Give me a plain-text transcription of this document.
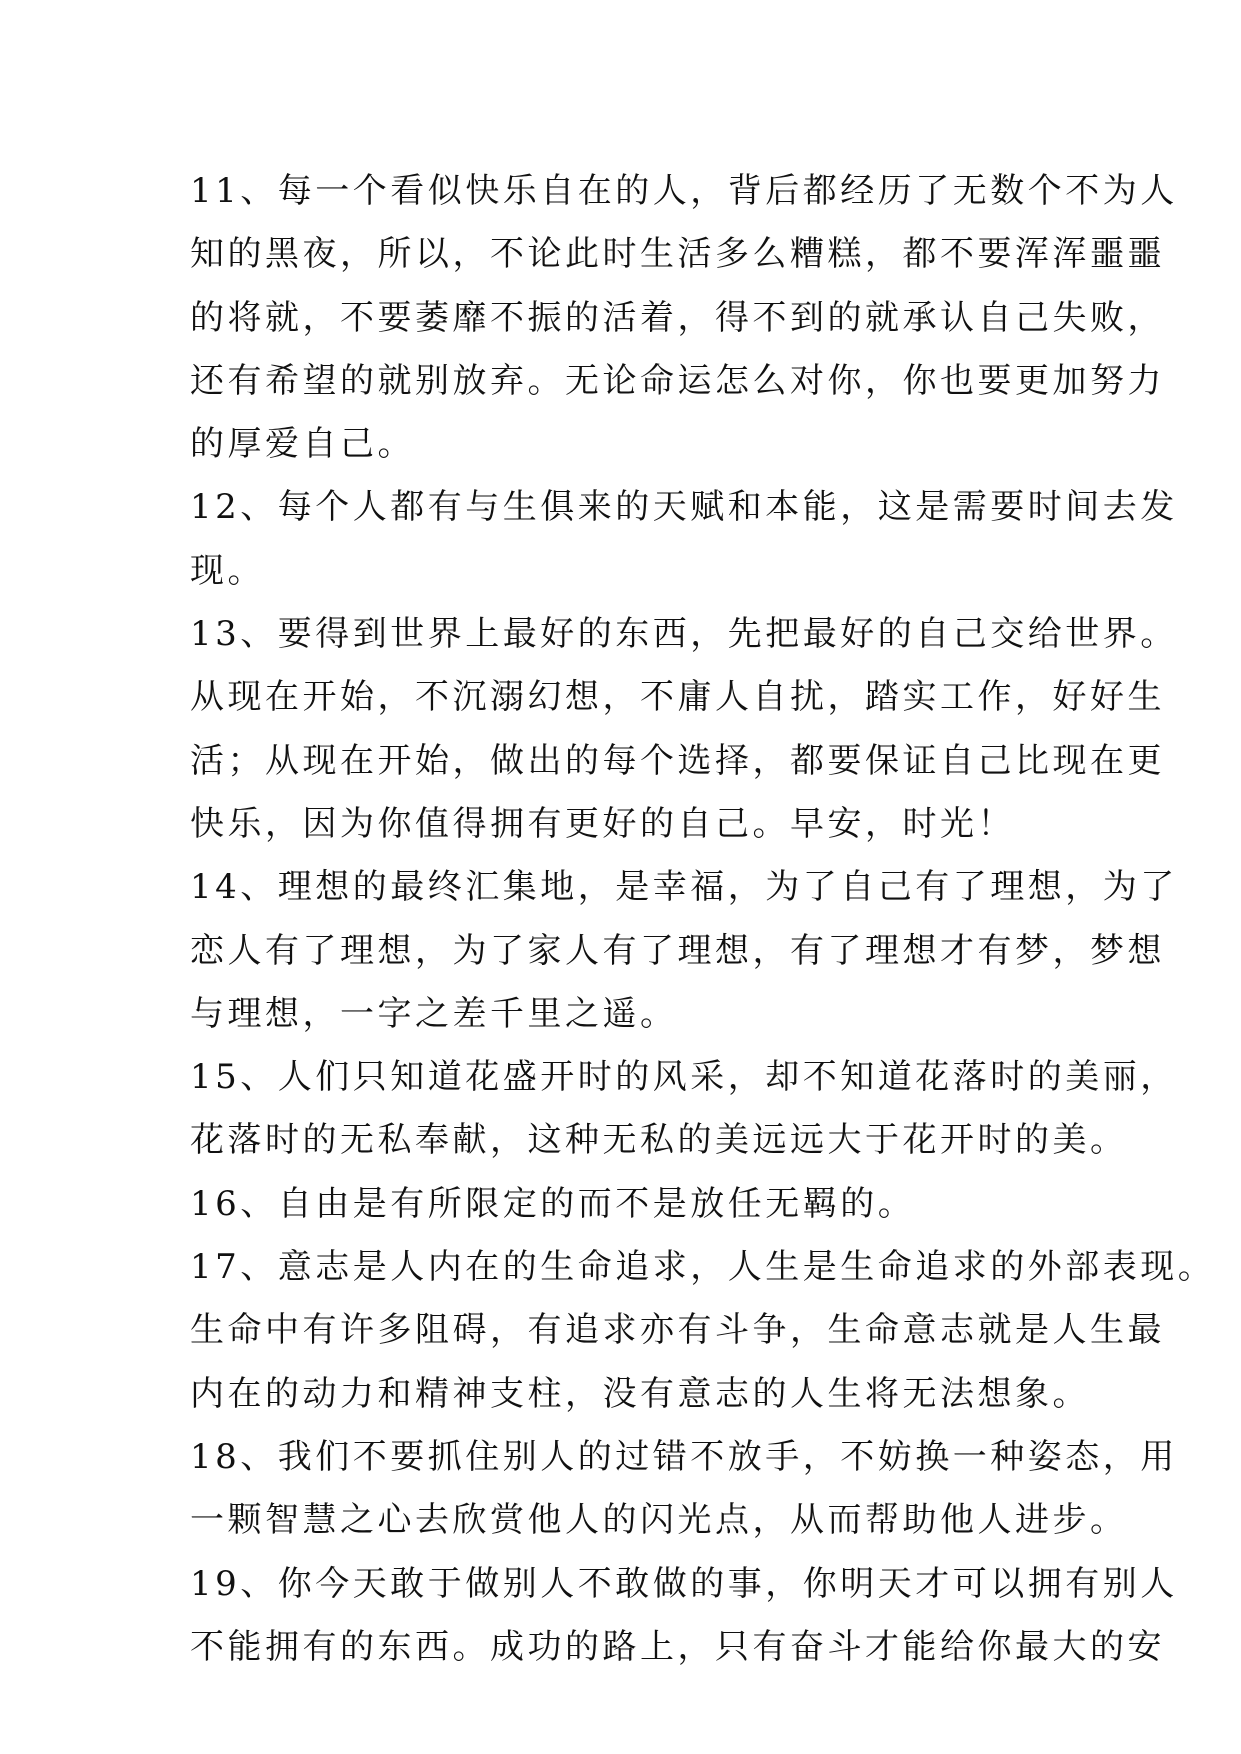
11、每一个看似快乐自在的人，背后都经历了无数个不为人
知的黑夜，所以，不论此时生活多么糟糕，都不要浑浑噩噩
的将就，不要萎靡不振的活着，得不到的就承认自己失败，
还有希望的就别放弃。无论命运怎么对你，你也要更加努力
的厚爱自己。
12、每个人都有与生俱来的天赋和本能，这是需要时间去发
现。
13、要得到世界上最好的东西，先把最好的自己交给世界。
从现在开始，不沉溺幻想，不庸人自扰，踏实工作，好好生
活；从现在开始，做出的每个选择，都要保证自己比现在更
快乐，因为你值得拥有更好的自己。早安，时光！
14、理想的最终汇集地，是幸福，为了自己有了理想，为了
恋人有了理想，为了家人有了理想，有了理想才有梦，梦想
与理想，一字之差千里之遥。
15、人们只知道花盛开时的风采，却不知道花落时的美丽，
花落时的无私奉献，这种无私的美远远大于花开时的美。
16、自由是有所限定的而不是放任无羁的。
17、意志是人内在的生命追求，人生是生命追求的外部表现。
生命中有许多阻碍，有追求亦有斗争，生命意志就是人生最
内在的动力和精神支柱，没有意志的人生将无法想象。
18、我们不要抓住别人的过错不放手，不妨换一种姿态，用
一颗智慧之心去欣赏他人的闪光点，从而帮助他人进步。
19、你今天敢于做别人不敢做的事，你明天才可以拥有别人
不能拥有的东西。成功的路上，只有奋斗才能给你最大的安
